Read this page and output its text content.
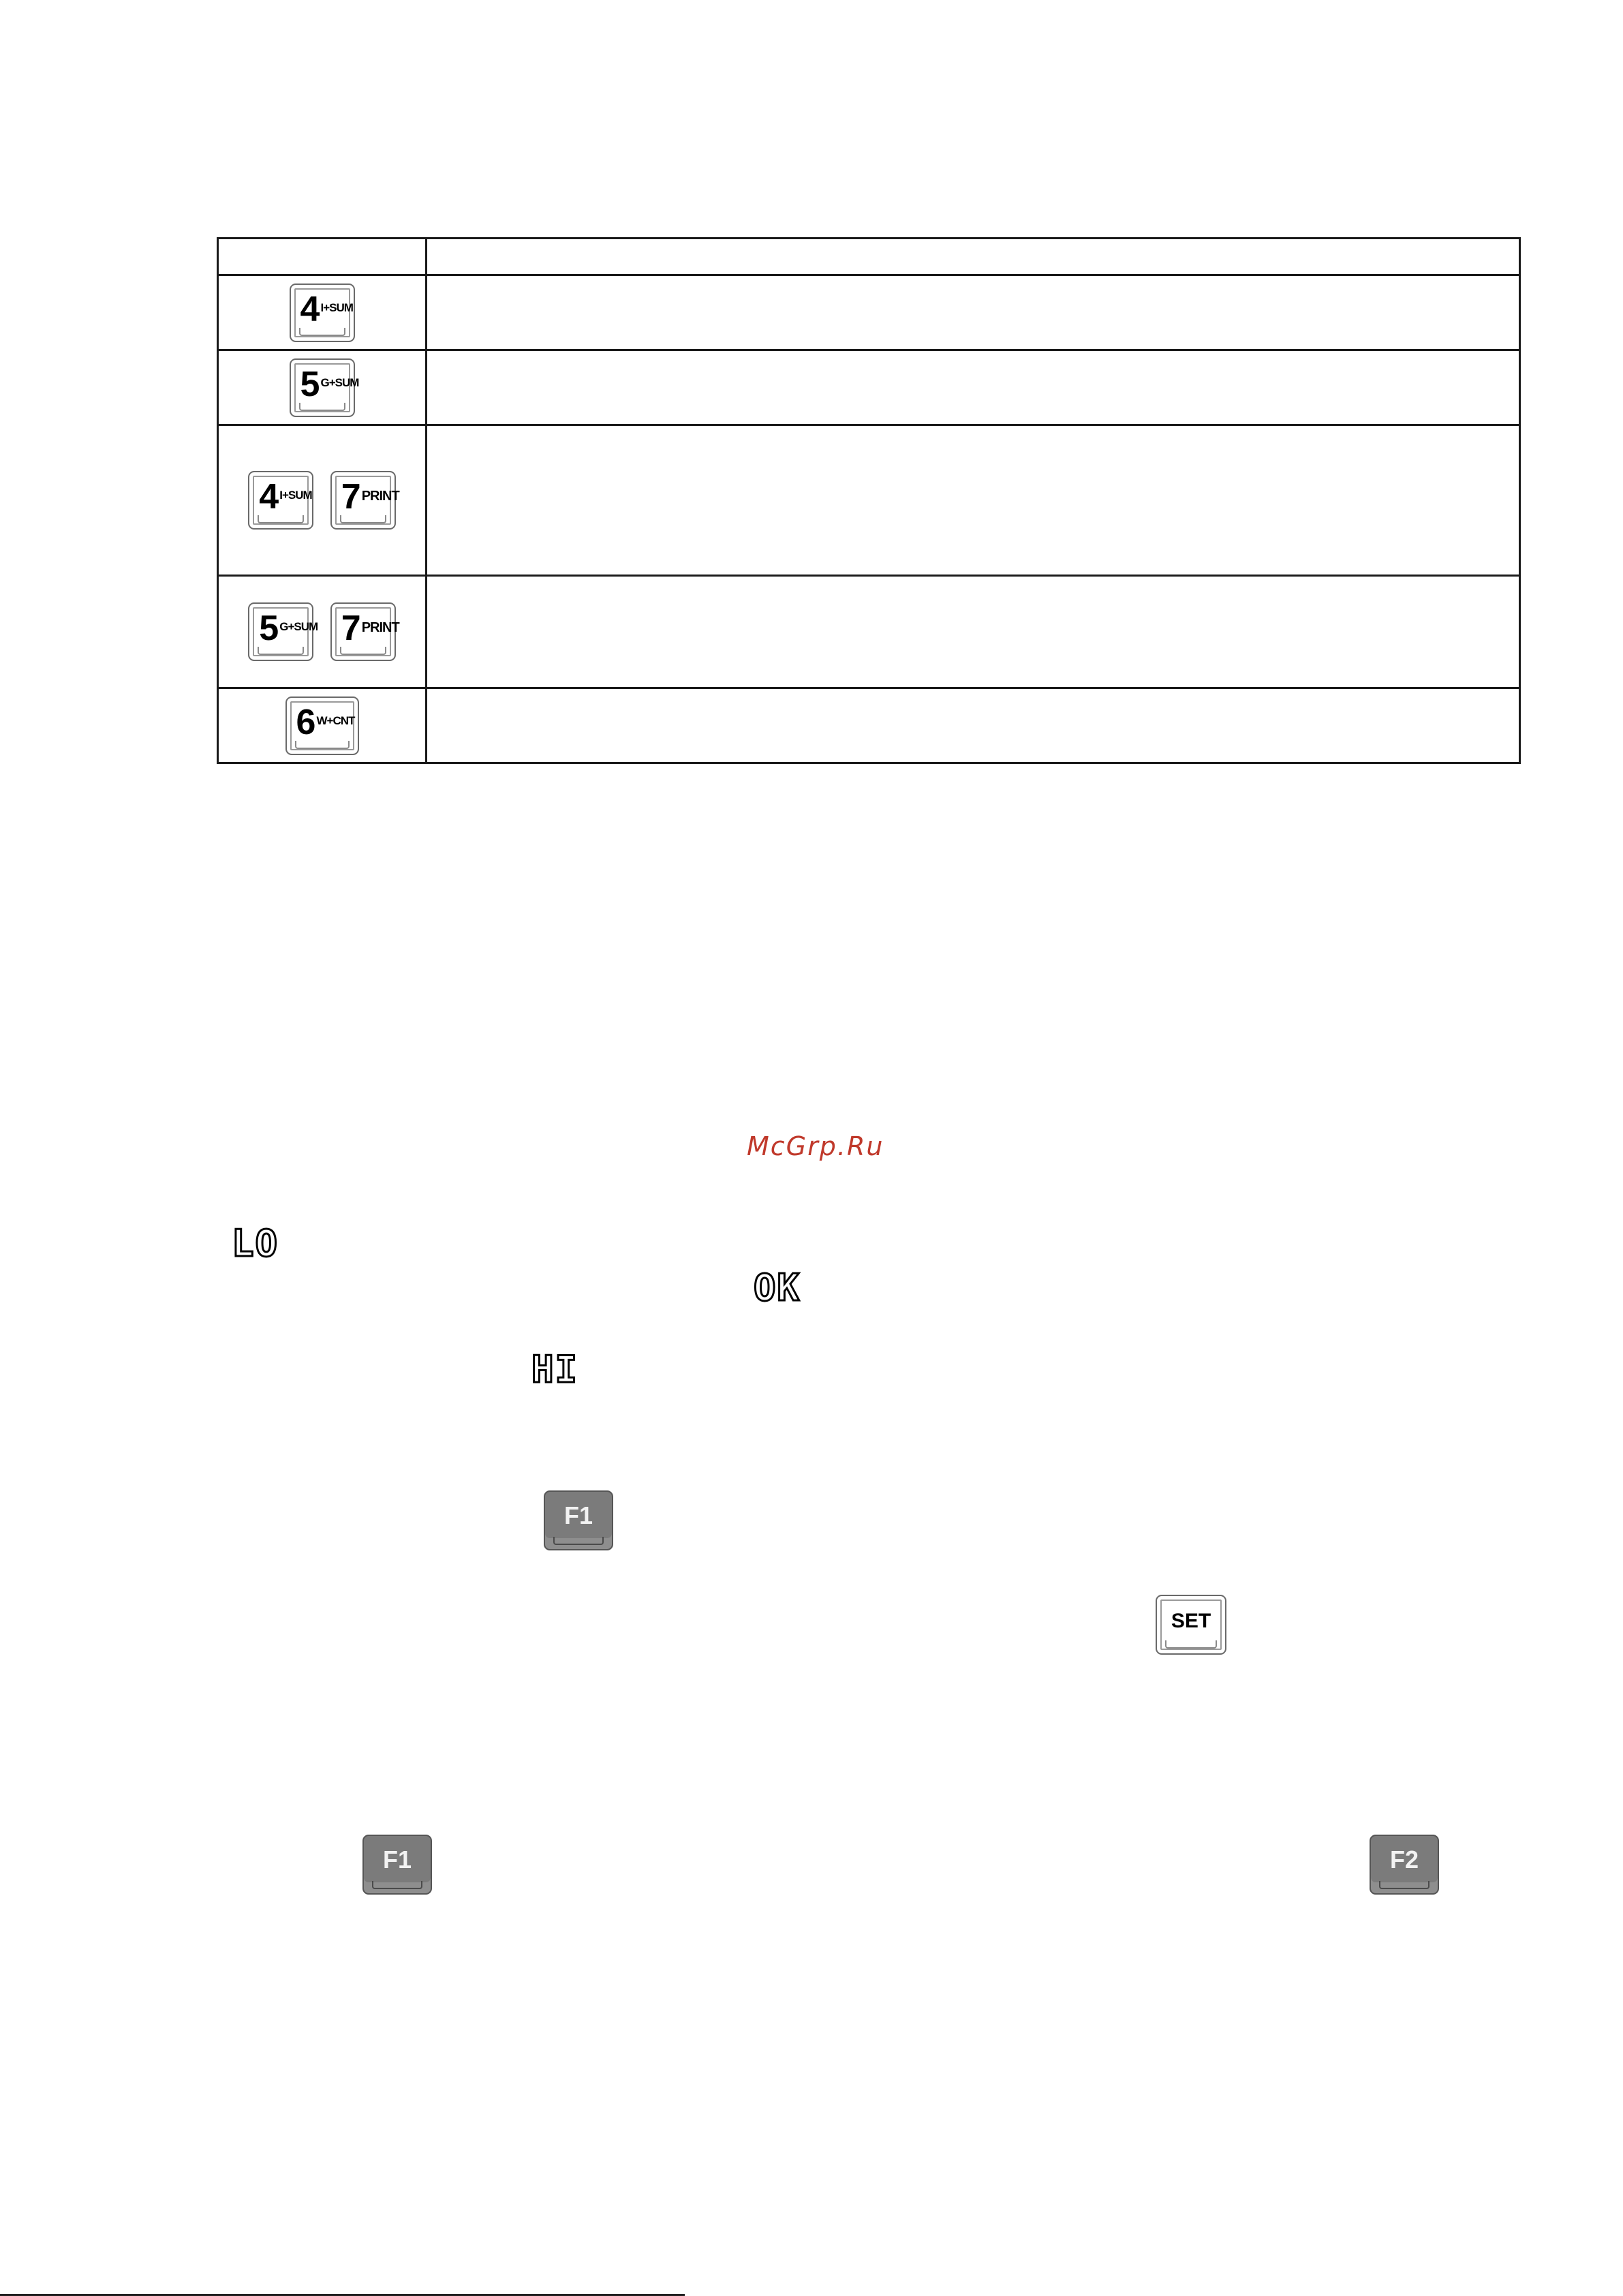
4 I+SUM	

5 G+SUM	

4 I+SUM
7 PRINT	

5 G+SUM
7 PRINT	

6 W+CNT	

McGrp.Ru
LO
OK
HI
F1
SET
F1	F2
